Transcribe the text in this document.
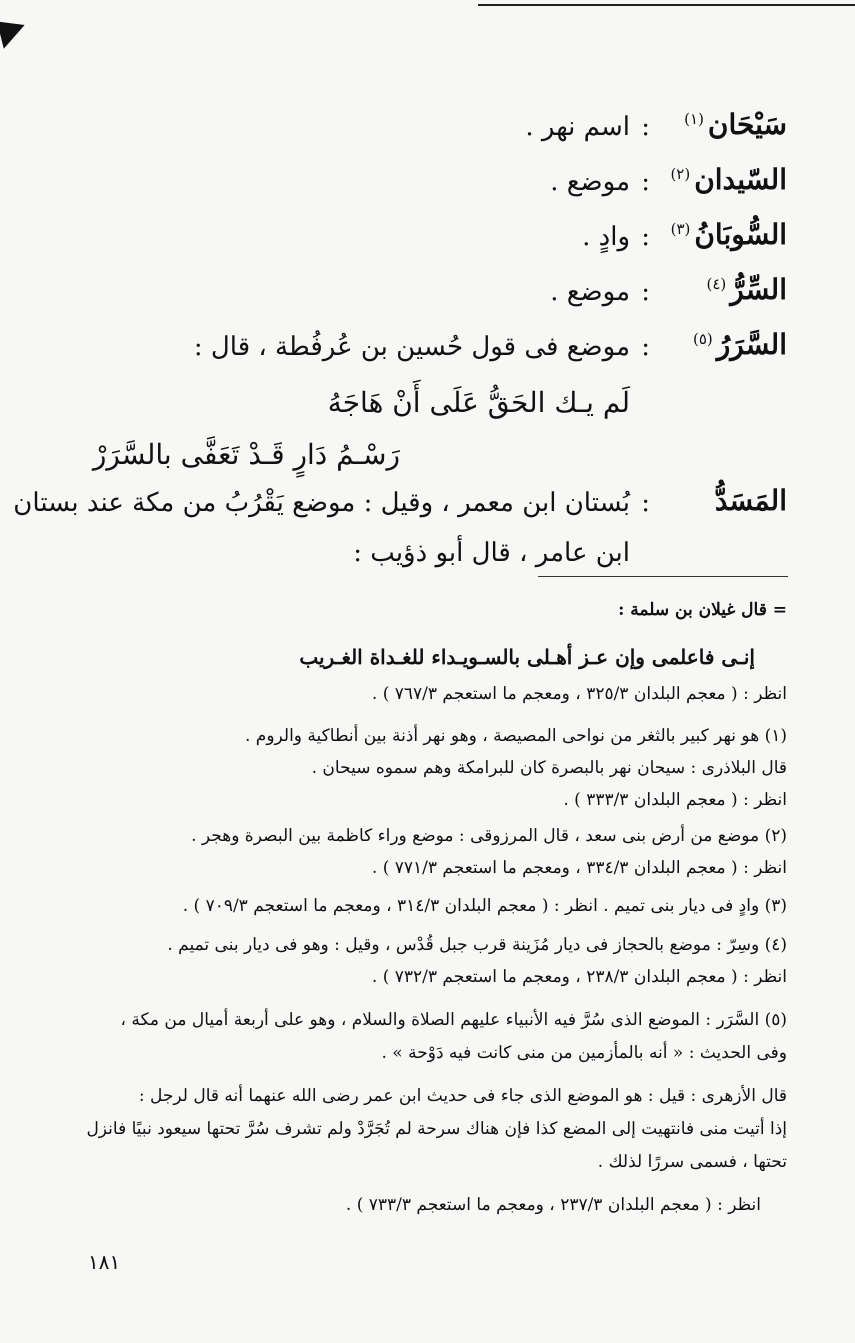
سَيْحَان$^{(١)}$
:
اسم نهر .
السّيدان$^{(٢)}$
:
موضع .
السُّوبَانُ$^{(٣)}$
:
وادٍ .
السِّرُّ$^{(٤)}$
:
موضع .
السَّرَرُ$^{(٥)}$
:
موضع فى قول حُسين بن عُرفُطة ، قال :
لَم يـك الحَقُّ عَلَى أَنْ هَاجَهُ
رَسْـمُ دَارٍ قَـدْ تَعَفَّى بالسَّرَرْ
المَسَدُّ
:
بُستان ابن معمر ، وقيل : موضع يَقْرُبُ من مكة عند بستان
ابن عامر ، قال أبو ذؤيب :
= قال غيلان بن سلمة :
إنـى فاعلمى وإن عـز أهـلى بالسـويـداء للغـداة الغـريب
انظر : ( معجم البلدان ٣٢٥/٣ ، ومعجم ما استعجم ٧٦٧/٣ ) .
(١) هو نهر كبير بالثغر من نواحى المصيصة ، وهو نهر أذنة بين أنطاكية والروم .
قال البلاذرى : سيحان نهر بالبصرة كان للبرامكة وهم سموه سيحان .
انظر : ( معجم البلدان ٣٣٣/٣ ) .
(٢) موضع من أرض بنى سعد ، قال المرزوقى : موضع وراء كاظمة بين البصرة وهجر .
انظر : ( معجم البلدان ٣٣٤/٣ ، ومعجم ما استعجم ٧٧١/٣ ) .
(٣) وادٍ فى ديار بنى تميم . انظر : ( معجم البلدان ٣١٤/٣ ، ومعجم ما استعجم ٧٠٩/٣ ) .
(٤) وسِرّ : موضع بالحجاز فى ديار مُزَينة قرب جبل قُدْس ، وقيل : وهو فى ديار بنى تميم .
انظر : ( معجم البلدان ٢٣٨/٣ ، ومعجم ما استعجم ٧٣٢/٣ ) .
(٥) السَّرَر : الموضع الذى سُرَّ فيه الأنبياء عليهم الصلاة والسلام ، وهو على أربعة أميال من مكة ،
وفى الحديث : « أنه بالمأزمين من منى كانت فيه دَوْحة » .
قال الأزهرى : قيل : هو الموضع الذى جاء فى حديث ابن عمر رضى الله عنهما أنه قال لرجل :
إذا أتيت منى فانتهيت إلى المضع كذا فإن هناك سرحة لم تُجَرَّدْ ولم تشرف سُرَّ تحتها سيعود نبيًا فانزل
تحتها ، فسمى سررًا لذلك .
انظر : ( معجم البلدان ٢٣٧/٣ ، ومعجم ما استعجم ٧٣٣/٣ ) .
١٨١
